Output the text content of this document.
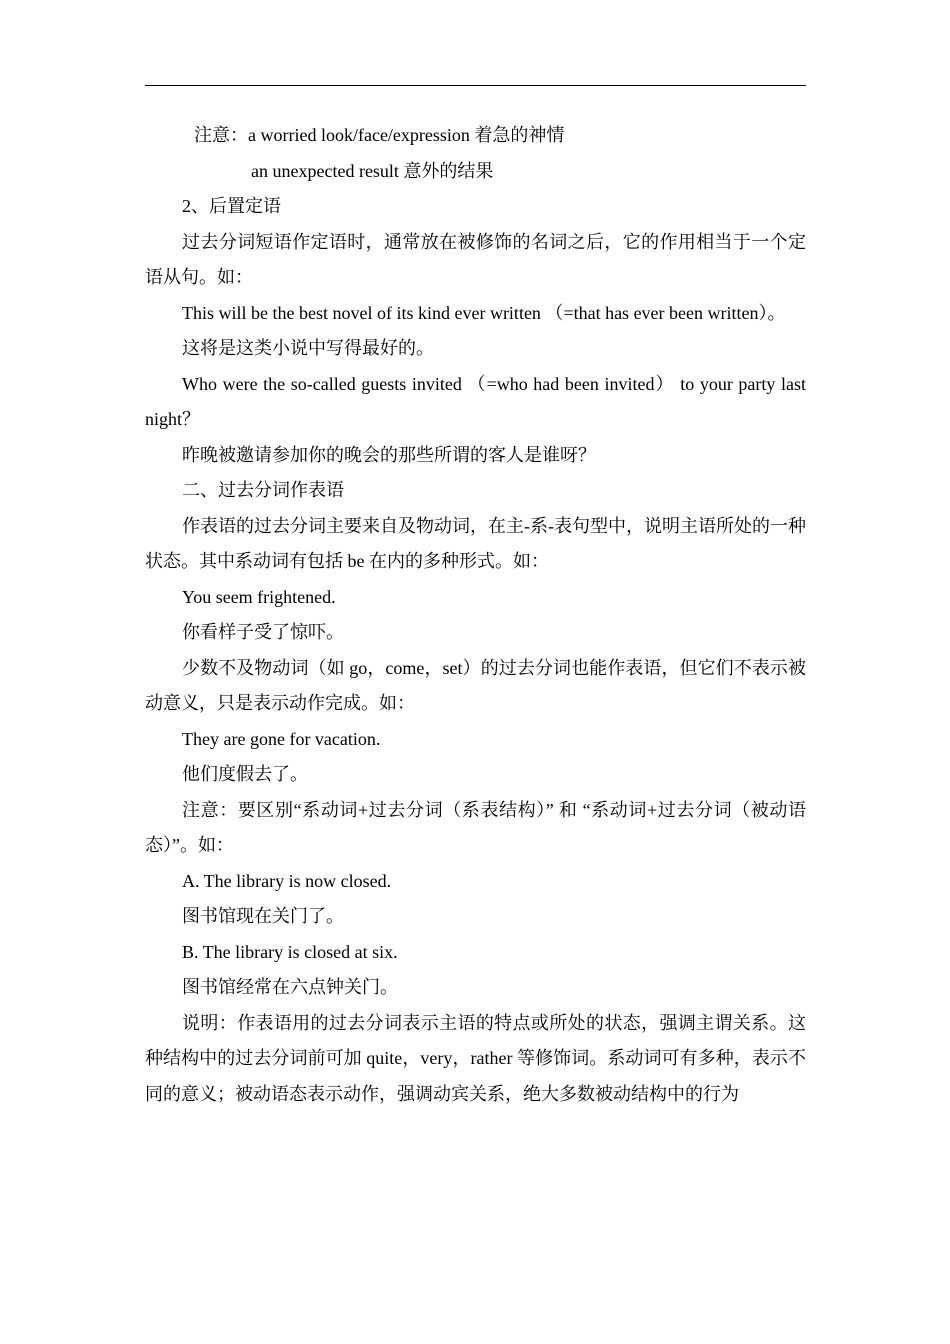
注意：a worried look/face/expression 着急的神情

an unexpected result 意外的结果

2、后置定语

过去分词短语作定语时，通常放在被修饰的名词之后，它的作用相当于一个定语从句。如：

This will be the best novel of its kind ever written （=that has ever been written）。

这将是这类小说中写得最好的。

Who were the so-called guests invited （=who had been invited） to your party last night？

昨晚被邀请参加你的晚会的那些所谓的客人是谁呀？

二、过去分词作表语

作表语的过去分词主要来自及物动词，在主-系-表句型中，说明主语所处的一种状态。其中系动词有包括 be 在内的多种形式。如：

You seem frightened.

你看样子受了惊吓。

少数不及物动词（如 go，come，set）的过去分词也能作表语，但它们不表示被动意义，只是表示动作完成。如：

They are gone for vacation.

他们度假去了。

注意：要区别“系动词+过去分词（系表结构）” 和 “系动词+过去分词（被动语态）”。如：

A. The library is now closed.

图书馆现在关门了。

B. The library is closed at six.

图书馆经常在六点钟关门。

说明：作表语用的过去分词表示主语的特点或所处的状态，强调主谓关系。这种结构中的过去分词前可加 quite，very，rather 等修饰词。系动词可有多种，表示不同的意义；被动语态表示动作，强调动宾关系，绝大多数被动结构中的行为
